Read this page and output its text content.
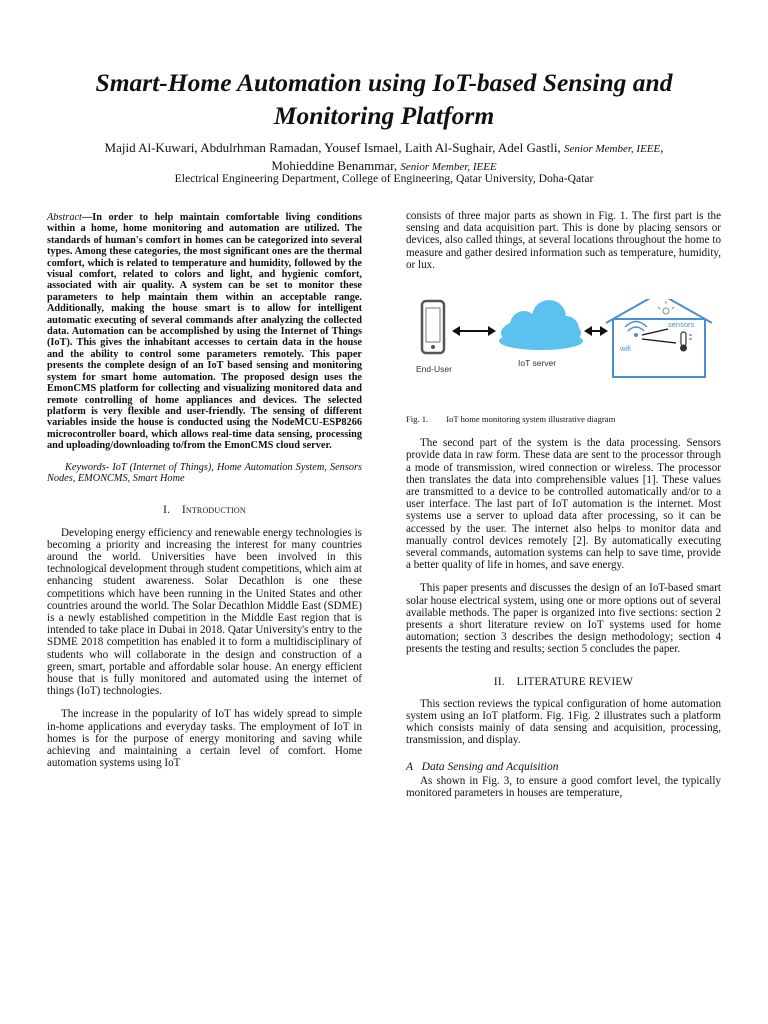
Smart-Home Automation using IoT-based Sensing and Monitoring Platform
Majid Al-Kuwari, Abdulrhman Ramadan, Yousef Ismael, Laith Al-Sughair, Adel Gastli, Senior Member, IEEE,
Mohieddine Benammar, Senior Member, IEEE
Electrical Engineering Department, College of Engineering, Qatar University, Doha-Qatar

Abstract—In order to help maintain comfortable living conditions within a home, home monitoring and automation are utilized. The standards of human's comfort in homes can be categorized into several types. Among these categories, the most significant ones are the thermal comfort, which is related to temperature and humidity, followed by the visual comfort, related to colors and light, and hygienic comfort, associated with air quality. A system can be set to monitor these parameters to help maintain them within an acceptable range. Additionally, making the house smart is to allow for intelligent automatic executing of several commands after analyzing the collected data. Automation can be accomplished by using the Internet of Things (IoT). This gives the inhabitant accesses to certain data in the house and the ability to control some parameters remotely. This paper presents the complete design of an IoT based sensing and monitoring system for smart home automation. The proposed design uses the EmonCMS platform for collecting and visualizing monitored data and remote controlling of home appliances and devices. The selected platform is very flexible and user-friendly. The sensing of different variables inside the house is conducted using the NodeMCU-ESP8266 microcontroller board, which allows real-time data sensing, processing and uploading/downloading to/from the EmonCMS cloud server.

Keywords- IoT (Internet of Things), Home Automation System, Sensors Nodes, EMONCMS, Smart Home

I. Introduction

Developing energy efficiency and renewable energy technologies is becoming a priority and increasing the interest for many countries around the world. Universities have been involved in this technological development through student competitions, which aim at enhancing student awareness. Solar Decathlon is one these competitions which have been running in the United States and other countries around the world. The Solar Decathlon Middle East (SDME) is a newly established competition in the Middle East region that is intended to take place in Dubai in 2018. Qatar University's entry to the SDME 2018 competition has enabled it to form a multidisciplinary of students who will collaborate in the design and construction of a green, smart, portable and affordable solar house. An energy efficient house that is fully monitored and automated using the internet of things (IoT) technologies.

The increase in the popularity of IoT has widely spread to simple in-home applications and everyday tasks. The employment of IoT in homes is for the purpose of energy monitoring and saving while achieving and maintaining a certain level of comfort. Home automation systems using IoT

consists of three major parts as shown in Fig. 1. The first part is the sensing and data acquisition part. This is done by placing sensors or devices, also called things, at several locations throughout the home to measure and gather desired information such as temperature, humidity, or lux.

End-User
IoT server
wifi
sensors

Fig. 1. IoT home monitoring system illustrative diagram

The second part of the system is the data processing. Sensors provide data in raw form. These data are sent to the processor through a mode of transmission, wired connection or wireless. The processor then translates the data into comprehensible values [1]. These values are transmitted to a device to be controlled automatically and/or to a user interface. The last part of IoT automation is the internet. Most systems use a server to upload data after processing, so it can be accessed by the user. The internet also helps to monitor data and manually control devices remotely [2]. By automatically executing several commands, automation systems can help to save time, provide a better quality of life in homes, and save energy.

This paper presents and discusses the design of an IoT-based smart solar house electrical system, using one or more options out of several available methods. The paper is organized into five sections: section 2 presents a short literature review on IoT systems used for home automation; section 3 describes the design methodology; section 4 presents the testing and results; section 5 concludes the paper.

II. LITERATURE REVIEW

This section reviews the typical configuration of home automation system using an IoT platform. Fig. 1Fig. 2 illustrates such a platform which consists mainly of data sensing and acquisition, processing, transmission, and display.

A Data Sensing and Acquisition

As shown in Fig. 3, to ensure a good comfort level, the typically monitored parameters in houses are temperature,
